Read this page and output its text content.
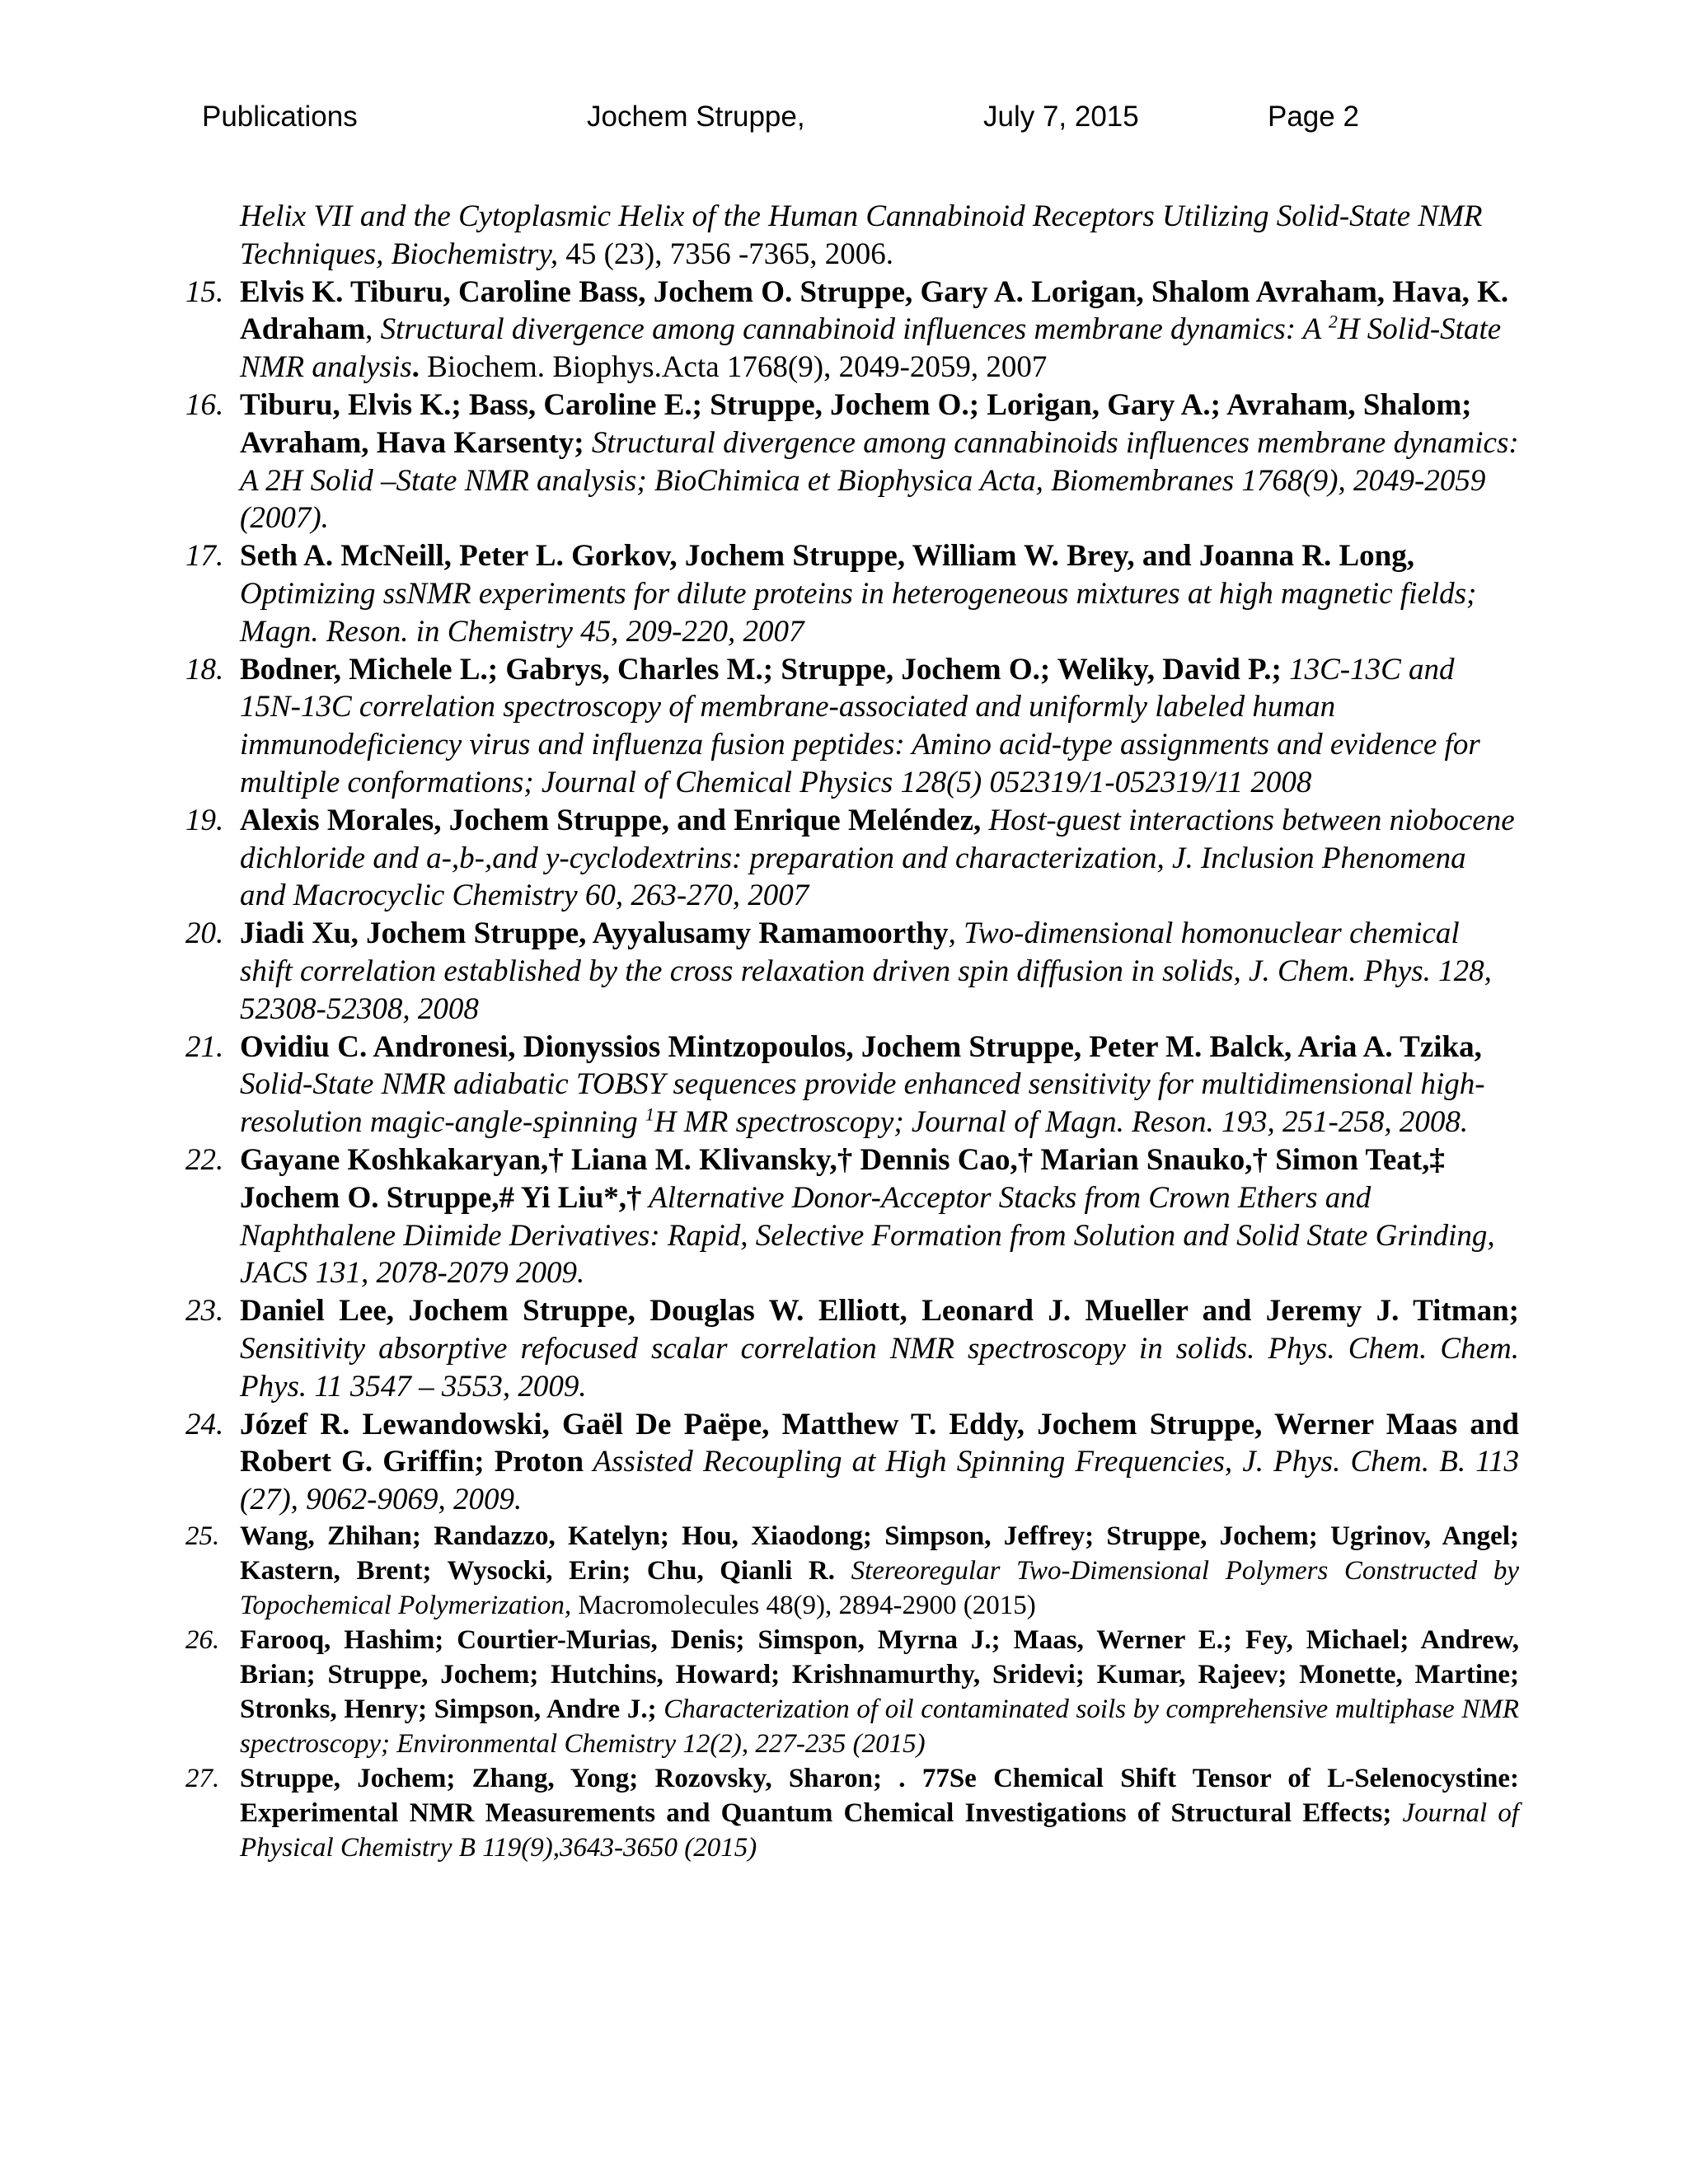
Publications	Jochem Struppe,	July 7, 2015	Page 2

Helix VII and the Cytoplasmic Helix of the Human Cannabinoid Receptors Utilizing Solid-State NMR Techniques, Biochemistry, 45 (23), 7356 -7365, 2006.

15. Elvis K. Tiburu, Caroline Bass, Jochem O. Struppe, Gary A. Lorigan, Shalom Avraham, Hava, K. Adraham, Structural divergence among cannabinoid influences membrane dynamics: A $^2$H Solid-State NMR analysis. Biochem. Biophys.Acta 1768(9), 2049-2059, 2007

16. Tiburu, Elvis K.; Bass, Caroline E.; Struppe, Jochem O.; Lorigan, Gary A.; Avraham, Shalom; Avraham, Hava Karsenty; Structural divergence among cannabinoids influences membrane dynamics: A 2H Solid –State NMR analysis; BioChimica et Biophysica Acta, Biomembranes 1768(9), 2049-2059 (2007).

17. Seth A. McNeill, Peter L. Gorkov, Jochem Struppe, William W. Brey, and Joanna R. Long, Optimizing ssNMR experiments for dilute proteins in heterogeneous mixtures at high magnetic fields; Magn. Reson. in Chemistry 45, 209-220, 2007

18. Bodner, Michele L.; Gabrys, Charles M.; Struppe, Jochem O.; Weliky, David P.; 13C-13C and 15N-13C correlation spectroscopy of membrane-associated and uniformly labeled human immunodeficiency virus and influenza fusion peptides: Amino acid-type assignments and evidence for multiple conformations; Journal of Chemical Physics 128(5) 052319/1-052319/11 2008

19. Alexis Morales, Jochem Struppe, and Enrique Meléndez, Host-guest interactions between niobocene dichloride and a-,b-,and y-cyclodextrins: preparation and characterization, J. Inclusion Phenomena and Macrocyclic Chemistry 60, 263-270, 2007

20. Jiadi Xu, Jochem Struppe, Ayyalusamy Ramamoorthy, Two-dimensional homonuclear chemical shift correlation established by the cross relaxation driven spin diffusion in solids, J. Chem. Phys. 128, 52308-52308, 2008

21. Ovidiu C. Andronesi, Dionyssios Mintzopoulos, Jochem Struppe, Peter M. Balck, Aria A. Tzika, Solid-State NMR adiabatic TOBSY sequences provide enhanced sensitivity for multidimensional high-resolution magic-angle-spinning $^1$H MR spectroscopy; Journal of Magn. Reson. 193, 251-258, 2008.

22. Gayane Koshkakaryan,† Liana M. Klivansky,† Dennis Cao,† Marian Snauko,† Simon Teat,‡ Jochem O. Struppe,# Yi Liu*,† Alternative Donor-Acceptor Stacks from Crown Ethers and Naphthalene Diimide Derivatives: Rapid, Selective Formation from Solution and Solid State Grinding, JACS 131, 2078-2079 2009.

23. Daniel Lee, Jochem Struppe, Douglas W. Elliott, Leonard J. Mueller and Jeremy J. Titman; Sensitivity absorptive refocused scalar correlation NMR spectroscopy in solids. Phys. Chem. Chem. Phys. 11 3547 – 3553, 2009.

24. Józef R. Lewandowski, Gaël De Paëpe, Matthew T. Eddy, Jochem Struppe, Werner Maas and Robert G. Griffin; Proton Assisted Recoupling at High Spinning Frequencies, J. Phys. Chem. B. 113 (27), 9062-9069, 2009.

25. Wang, Zhihan; Randazzo, Katelyn; Hou, Xiaodong; Simpson, Jeffrey; Struppe, Jochem; Ugrinov, Angel; Kastern, Brent; Wysocki, Erin; Chu, Qianli R. Stereoregular Two-Dimensional Polymers Constructed by Topochemical Polymerization, Macromolecules 48(9), 2894-2900 (2015)

26. Farooq, Hashim; Courtier-Murias, Denis; Simspon, Myrna J.; Maas, Werner E.; Fey, Michael; Andrew, Brian; Struppe, Jochem; Hutchins, Howard; Krishnamurthy, Sridevi; Kumar, Rajeev; Monette, Martine; Stronks, Henry; Simpson, Andre J.; Characterization of oil contaminated soils by comprehensive multiphase NMR spectroscopy; Environmental Chemistry 12(2), 227-235 (2015)

27. Struppe, Jochem; Zhang, Yong; Rozovsky, Sharon; . 77Se Chemical Shift Tensor of L-Selenocystine: Experimental NMR Measurements and Quantum Chemical Investigations of Structural Effects; Journal of Physical Chemistry B 119(9),3643-3650 (2015)
